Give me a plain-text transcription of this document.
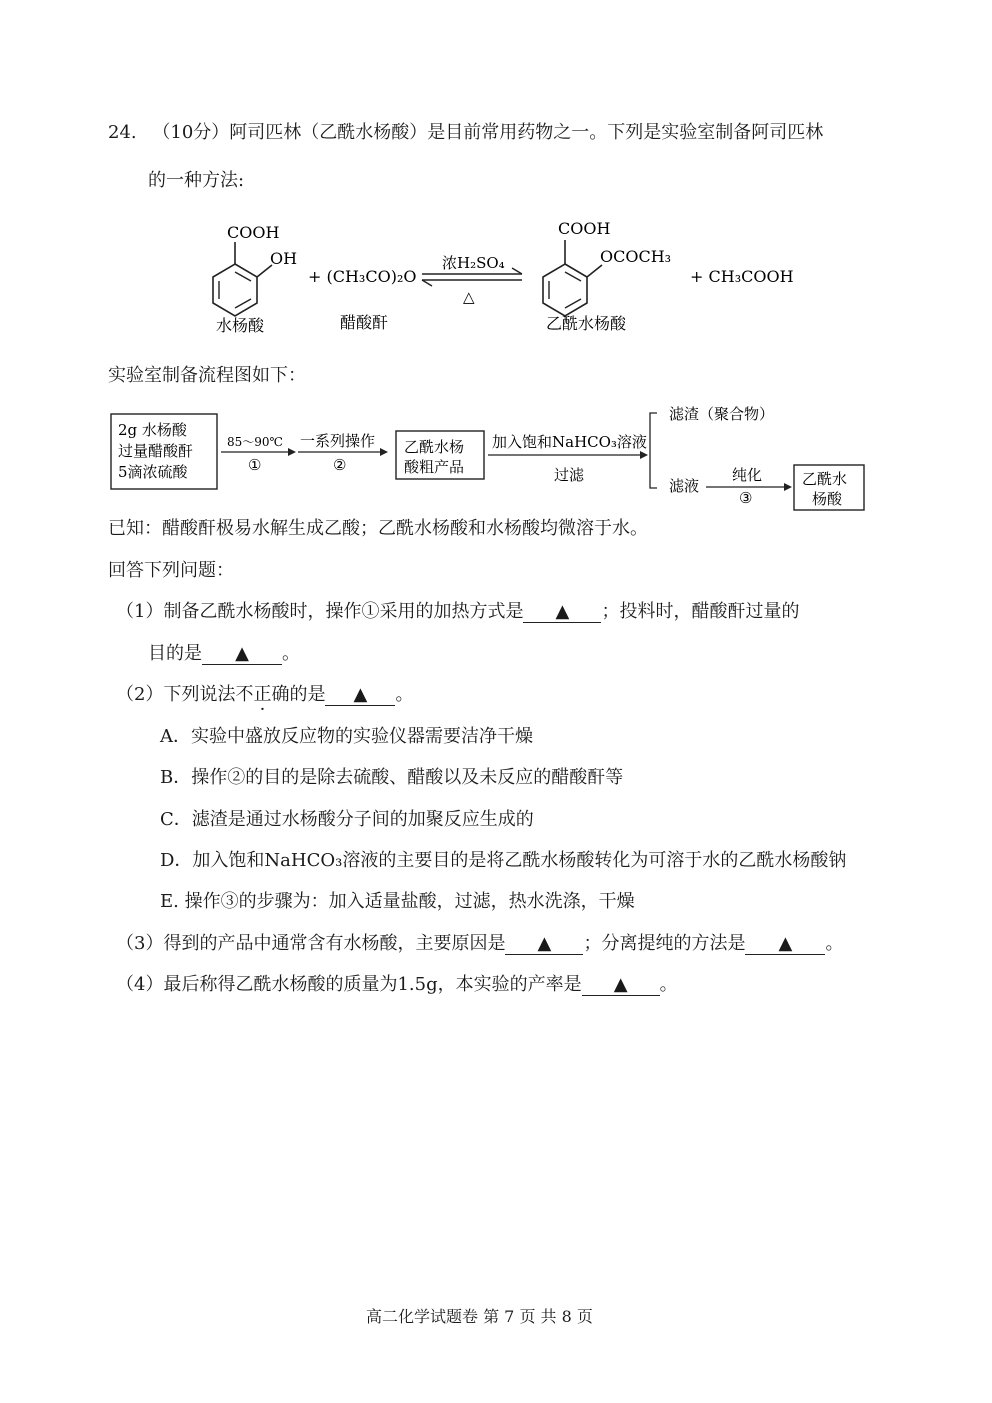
24. （10分）阿司匹林（乙酰水杨酸）是目前常用药物之一。下列是实验室制备阿司匹林
的一种方法:
COOH
OH
水杨酸
+ (CH₃CO)₂O
醋酸酐
浓H₂SO₄
△
COOH
OCOCH₃
乙酰水杨酸
+ CH₃COOH
实验室制备流程图如下：
2g 水杨酸
过量醋酸酐
5滴浓硫酸
85～90℃
①
一系列操作
②
乙酰水杨
酸粗产品
加入饱和NaHCO₃溶液
过滤
滤渣（聚合物）
滤液
纯化
③
乙酰水
杨酸
已知：醋酸酐极易水解生成乙酸；乙酰水杨酸和水杨酸均微溶于水。
回答下列问题：
（1）制备乙酰水杨酸时，操作①采用的加热方式是 ▲ ；投料时，醋酸酐过量的
目的是 ▲ 。
（2）下列说法不正确的是 ▲ 。
A．实验中盛放反应物的实验仪器需要洁净干燥
B．操作②的目的是除去硫酸、醋酸以及未反应的醋酸酐等
C．滤渣是通过水杨酸分子间的加聚反应生成的
D．加入饱和NaHCO₃溶液的主要目的是将乙酰水杨酸转化为可溶于水的乙酰水杨酸钠
E. 操作③的步骤为：加入适量盐酸，过滤，热水洗涤，干燥
（3）得到的产品中通常含有水杨酸，主要原因是 ▲ ；分离提纯的方法是 ▲ 。
（4）最后称得乙酰水杨酸的质量为1.5g，本实验的产率是 ▲ 。
高二化学试题卷 第 7 页 共 8 页
